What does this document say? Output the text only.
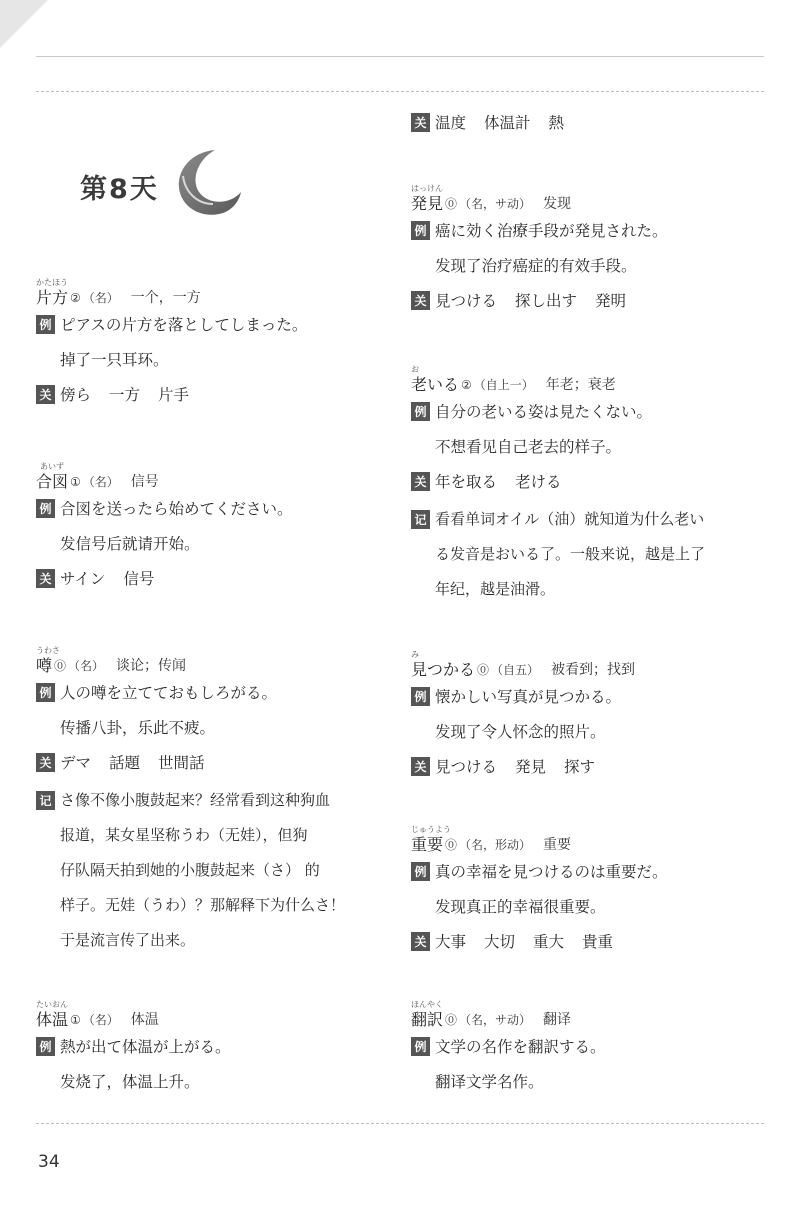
第8天
かたほう
片方 ② （名） 一个，一方
例 ピアスの片方を落としてしまった。
掉了一只耳环。
关 傍ら 一方 片手
あいず
合図 ① （名） 信号
例 合図を送ったら始めてください。
发信号后就请开始。
关 サイン 信号
うわさ
噂 ⓪ （名） 谈论；传闻
例 人の噂を立てておもしろがる。
传播八卦，乐此不疲。
关 デマ 話題 世間話
记 さ像不像小腹鼓起来？经常看到这种狗血
报道，某女星坚称うわ（无娃），但狗
仔队隔天拍到她的小腹鼓起来（さ） 的
样子。无娃（うわ）？那解释下为什么さ！
于是流言传了出来。
たいおん
体温 ① （名） 体温
例 熱が出て体温が上がる。
发烧了，体温上升。
关 温度 体温計 熱
はっけん
発見 ⓪ （名，サ动） 发现
例 癌に効く治療手段が発見された。
发现了治疗癌症的有效手段。
关 見つける 探し出す 発明
お
老いる ② （自上一） 年老；衰老
例 自分の老いる姿は見たくない。
不想看见自己老去的样子。
关 年を取る 老ける
记 看看单词オイル（油）就知道为什么老い
る发音是おいる了。一般来说，越是上了
年纪，越是油滑。
み
見つかる ⓪ （自五） 被看到；找到
例 懐かしい写真が見つかる。
发现了令人怀念的照片。
关 見つける 発見 探す
じゅうよう
重要 ⓪ （名，形动） 重要
例 真の幸福を見つけるのは重要だ。
发现真正的幸福很重要。
关 大事 大切 重大 貴重
ほんやく
翻訳 ⓪ （名，サ动） 翻译
例 文学の名作を翻訳する。
翻译文学名作。
34
